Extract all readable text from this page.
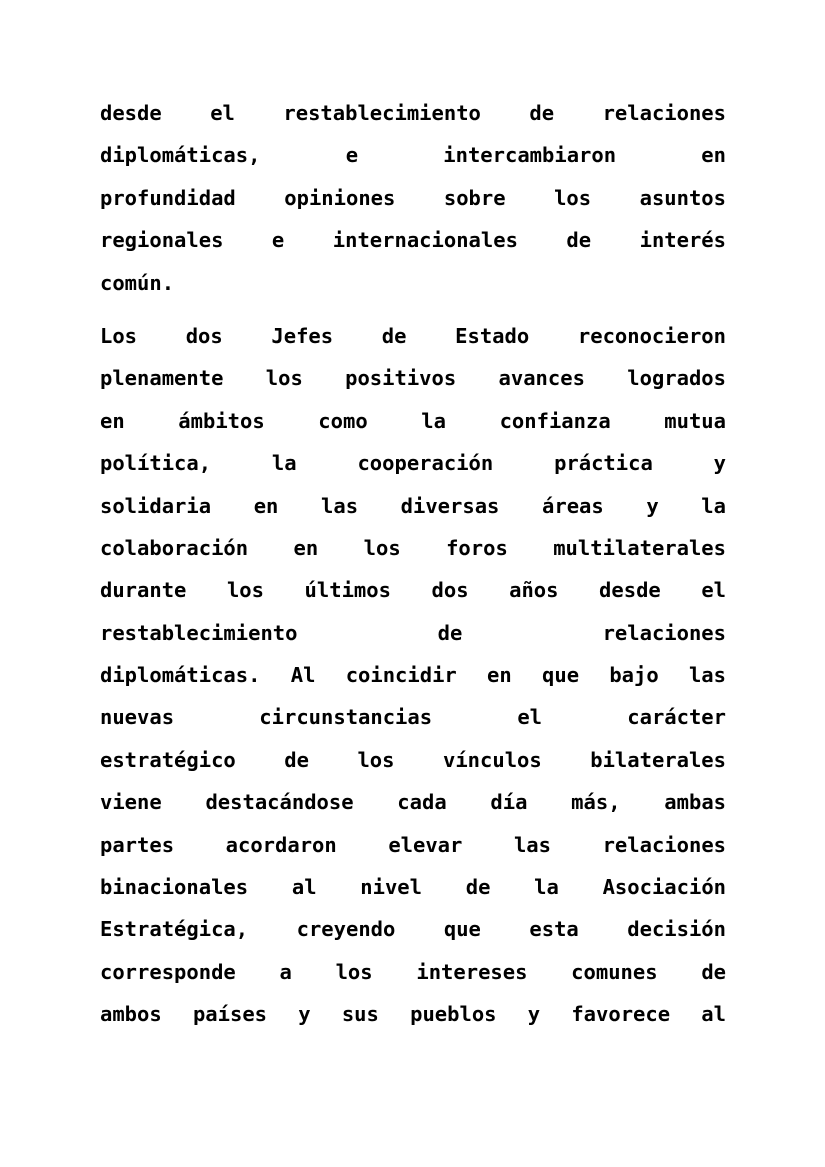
desde el restablecimiento de relaciones
diplomáticas, e intercambiaron en
profundidad opiniones sobre los asuntos
regionales e internacionales de interés
común.

Los dos Jefes de Estado reconocieron
plenamente los positivos avances logrados
en ámbitos como la confianza mutua
política, la cooperación práctica y
solidaria en las diversas áreas y la
colaboración en los foros multilaterales
durante los últimos dos años desde el
restablecimiento de relaciones
diplomáticas. Al coincidir en que bajo las
nuevas circunstancias el carácter
estratégico de los vínculos bilaterales
viene destacándose cada día más, ambas
partes acordaron elevar las relaciones
binacionales al nivel de la Asociación
Estratégica, creyendo que esta decisión
corresponde a los intereses comunes de
ambos países y sus pueblos y favorece al
